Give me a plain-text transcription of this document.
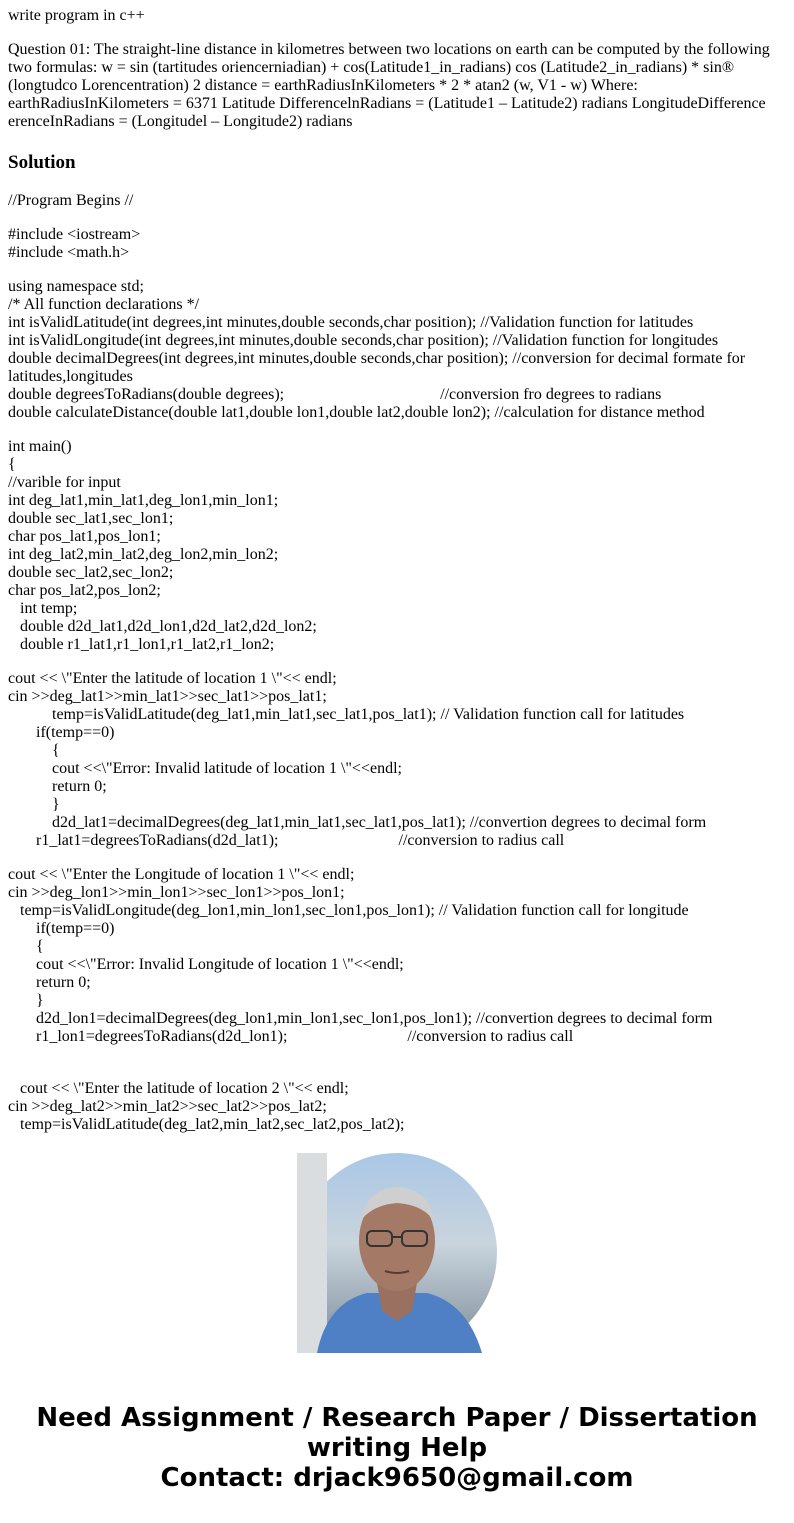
write program in c++

Question 01: The straight-line distance in kilometres between two locations on earth can be computed by the following two formulas: w = sin (tartitudes oriencerniadian) + cos(Latitude1_in_radians) cos (Latitude2_in_radians) * sin® (longtudco Lorencentration) 2 distance = earthRadiusInKilometers * 2 * atan2 (w, V1 - w) Where: earthRadiusInKilometers = 6371 Latitude DifferencelnRadians = (Latitude1 – Latitude2) radians LongitudeDifference erenceInRadians = (Longitudel – Longitude2) radians

Solution

//Program Begins //

#include <iostream>
#include <math.h>

using namespace std;
/* All function declarations */
int isValidLatitude(int degrees,int minutes,double seconds,char position); //Validation function for latitudes
int isValidLongitude(int degrees,int minutes,double seconds,char position); //Validation function for longitudes
double decimalDegrees(int degrees,int minutes,double seconds,char position); //conversion for decimal formate for latitudes,longitudes
double degreesToRadians(double degrees);                                       //conversion fro degrees to radians
double calculateDistance(double lat1,double lon1,double lat2,double lon2); //calculation for distance method

int main()
{
//varible for input
int deg_lat1,min_lat1,deg_lon1,min_lon1;
double sec_lat1,sec_lon1;
char pos_lat1,pos_lon1;
int deg_lat2,min_lat2,deg_lon2,min_lon2;
double sec_lat2,sec_lon2;
char pos_lat2,pos_lon2;
int temp;
double d2d_lat1,d2d_lon1,d2d_lat2,d2d_lon2;
double r1_lat1,r1_lon1,r1_lat2,r1_lon2;

cout << \"Enter the latitude of location 1 \"<< endl;
cin >>deg_lat1>>min_lat1>>sec_lat1>>pos_lat1;
temp=isValidLatitude(deg_lat1,min_lat1,sec_lat1,pos_lat1); // Validation function call for latitudes
if(temp==0)
{
cout <<\"Error: Invalid latitude of location 1 \"<<endl;
return 0;
}
d2d_lat1=decimalDegrees(deg_lat1,min_lat1,sec_lat1,pos_lat1); //convertion degrees to decimal form
r1_lat1=degreesToRadians(d2d_lat1);                              //conversion to radius call

cout << \"Enter the Longitude of location 1 \"<< endl;
cin >>deg_lon1>>min_lon1>>sec_lon1>>pos_lon1;
temp=isValidLongitude(deg_lon1,min_lon1,sec_lon1,pos_lon1); // Validation function call for longitude
if(temp==0)
{
cout <<\"Error: Invalid Longitude of location 1 \"<<endl;
return 0;
}
d2d_lon1=decimalDegrees(deg_lon1,min_lon1,sec_lon1,pos_lon1); //convertion degrees to decimal form
r1_lon1=degreesToRadians(d2d_lon1);                              //conversion to radius call

cout << \"Enter the latitude of location 2 \"<< endl;
cin >>deg_lat2>>min_lat2>>sec_lat2>>pos_lat2;
temp=isValidLatitude(deg_lat2,min_lat2,sec_lat2,pos_lat2);

Need Assignment / Research Paper / Dissertation
writing Help
Contact: drjack9650@gmail.com
